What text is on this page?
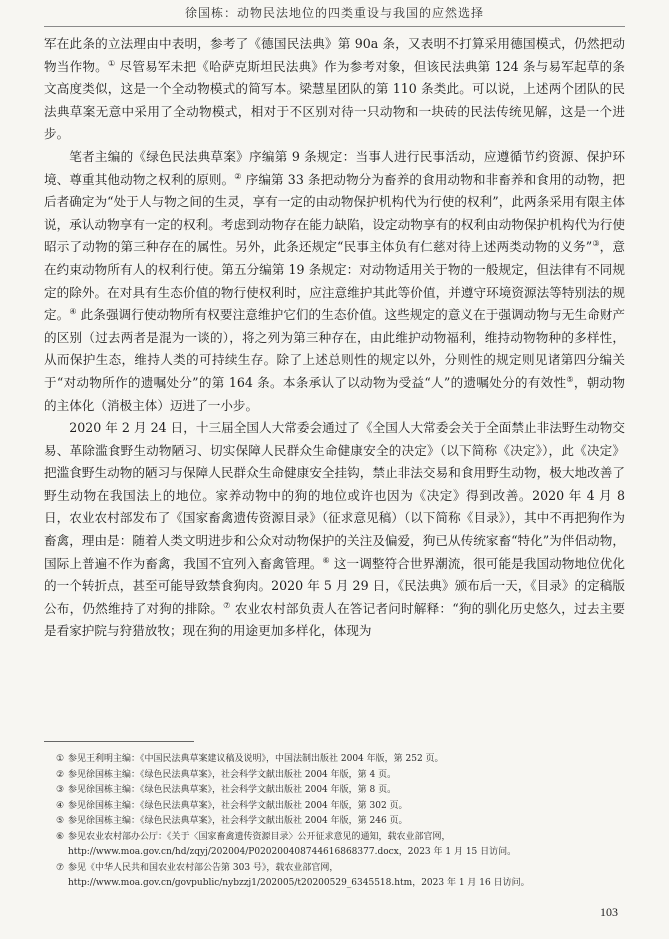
徐国栋：动物民法地位的四类重设与我国的应然选择

军在此条的立法理由中表明，参考了《德国民法典》第 90a 条，又表明不打算采用德国模式，仍然把动物当作物。① 尽管易军未把《哈萨克斯坦民法典》作为参考对象，但该民法典第 124 条与易军起草的条文高度类似，这是一个全动物模式的简写本。梁慧星团队的第 110 条类此。可以说，上述两个团队的民法典草案无意中采用了全动物模式，相对于不区别对待一只动物和一块砖的民法传统见解，这是一个进步。

笔者主编的《绿色民法典草案》序编第 9 条规定：当事人进行民事活动，应遵循节约资源、保护环境、尊重其他动物之权利的原则。② 序编第 33 条把动物分为畜养的食用动物和非畜养和食用的动物，把后者确定为“处于人与物之间的生灵，享有一定的由动物保护机构代为行使的权利”，此两条采用有限主体说，承认动物享有一定的权利。考虑到动物存在能力缺陷，设定动物享有的权利由动物保护机构代为行使昭示了动物的第三种存在的属性。另外，此条还规定“民事主体负有仁慈对待上述两类动物的义务”③，意在约束动物所有人的权利行使。第五分编第 19 条规定：对动物适用关于物的一般规定，但法律有不同规定的除外。在对具有生态价值的物行使权利时，应注意维护其此等价值，并遵守环境资源法等特别法的规定。④ 此条强调行使动物所有权要注意维护它们的生态价值。这些规定的意义在于强调动物与无生命财产的区别（过去两者是混为一谈的），将之列为第三种存在，由此维护动物福利，维持动物物种的多样性，从而保护生态，维持人类的可持续生存。除了上述总则性的规定以外，分则性的规定则见诸第四分编关于“对动物所作的遗嘱处分”的第 164 条。本条承认了以动物为受益“人”的遗嘱处分的有效性⑤，朝动物的主体化（消极主体）迈进了一小步。

2020 年 2 月 24 日，十三届全国人大常委会通过了《全国人大常委会关于全面禁止非法野生动物交易、革除滥食野生动物陋习、切实保障人民群众生命健康安全的决定》（以下简称《决定》），此《决定》把滥食野生动物的陋习与保障人民群众生命健康安全挂钩，禁止非法交易和食用野生动物，极大地改善了野生动物在我国法上的地位。家养动物中的狗的地位或许也因为《决定》得到改善。2020 年 4 月 8 日，农业农村部发布了《国家畜禽遗传资源目录》（征求意见稿）（以下简称《目录》），其中不再把狗作为畜禽，理由是：随着人类文明进步和公众对动物保护的关注及偏爱，狗已从传统家畜“特化”为伴侣动物，国际上普遍不作为畜禽，我国不宜列入畜禽管理。⑥ 这一调整符合世界潮流，很可能是我国动物地位优化的一个转折点，甚至可能导致禁食狗肉。2020 年 5 月 29 日，《民法典》颁布后一天，《目录》的定稿版公布，仍然维持了对狗的排除。⑦ 农业农村部负责人在答记者问时解释：“狗的驯化历史悠久，过去主要是看家护院与狩猎放牧；现在狗的用途更加多样化，体现为

① 参见王利明主编：《中国民法典草案建议稿及说明》，中国法制出版社 2004 年版，第 252 页。
② 参见徐国栋主编：《绿色民法典草案》，社会科学文献出版社 2004 年版，第 4 页。
③ 参见徐国栋主编：《绿色民法典草案》，社会科学文献出版社 2004 年版，第 8 页。
④ 参见徐国栋主编：《绿色民法典草案》，社会科学文献出版社 2004 年版，第 302 页。
⑤ 参见徐国栋主编：《绿色民法典草案》，社会科学文献出版社 2004 年版，第 246 页。
⑥ 参见农业农村部办公厅：《关于〈国家畜禽遗传资源目录〉公开征求意见的通知，载农业部官网，http://www.moa.gov.cn/hd/zqyj/202004/P020200408744616868377.docx，2023 年 1 月 15 日访问。
⑦ 参见《中华人民共和国农业农村部公告第 303 号》，载农业部官网，http://www.moa.gov.cn/govpublic/nybzzj1/202005/t20200529_6345518.htm，2023 年 1 月 16 日访问。
103
